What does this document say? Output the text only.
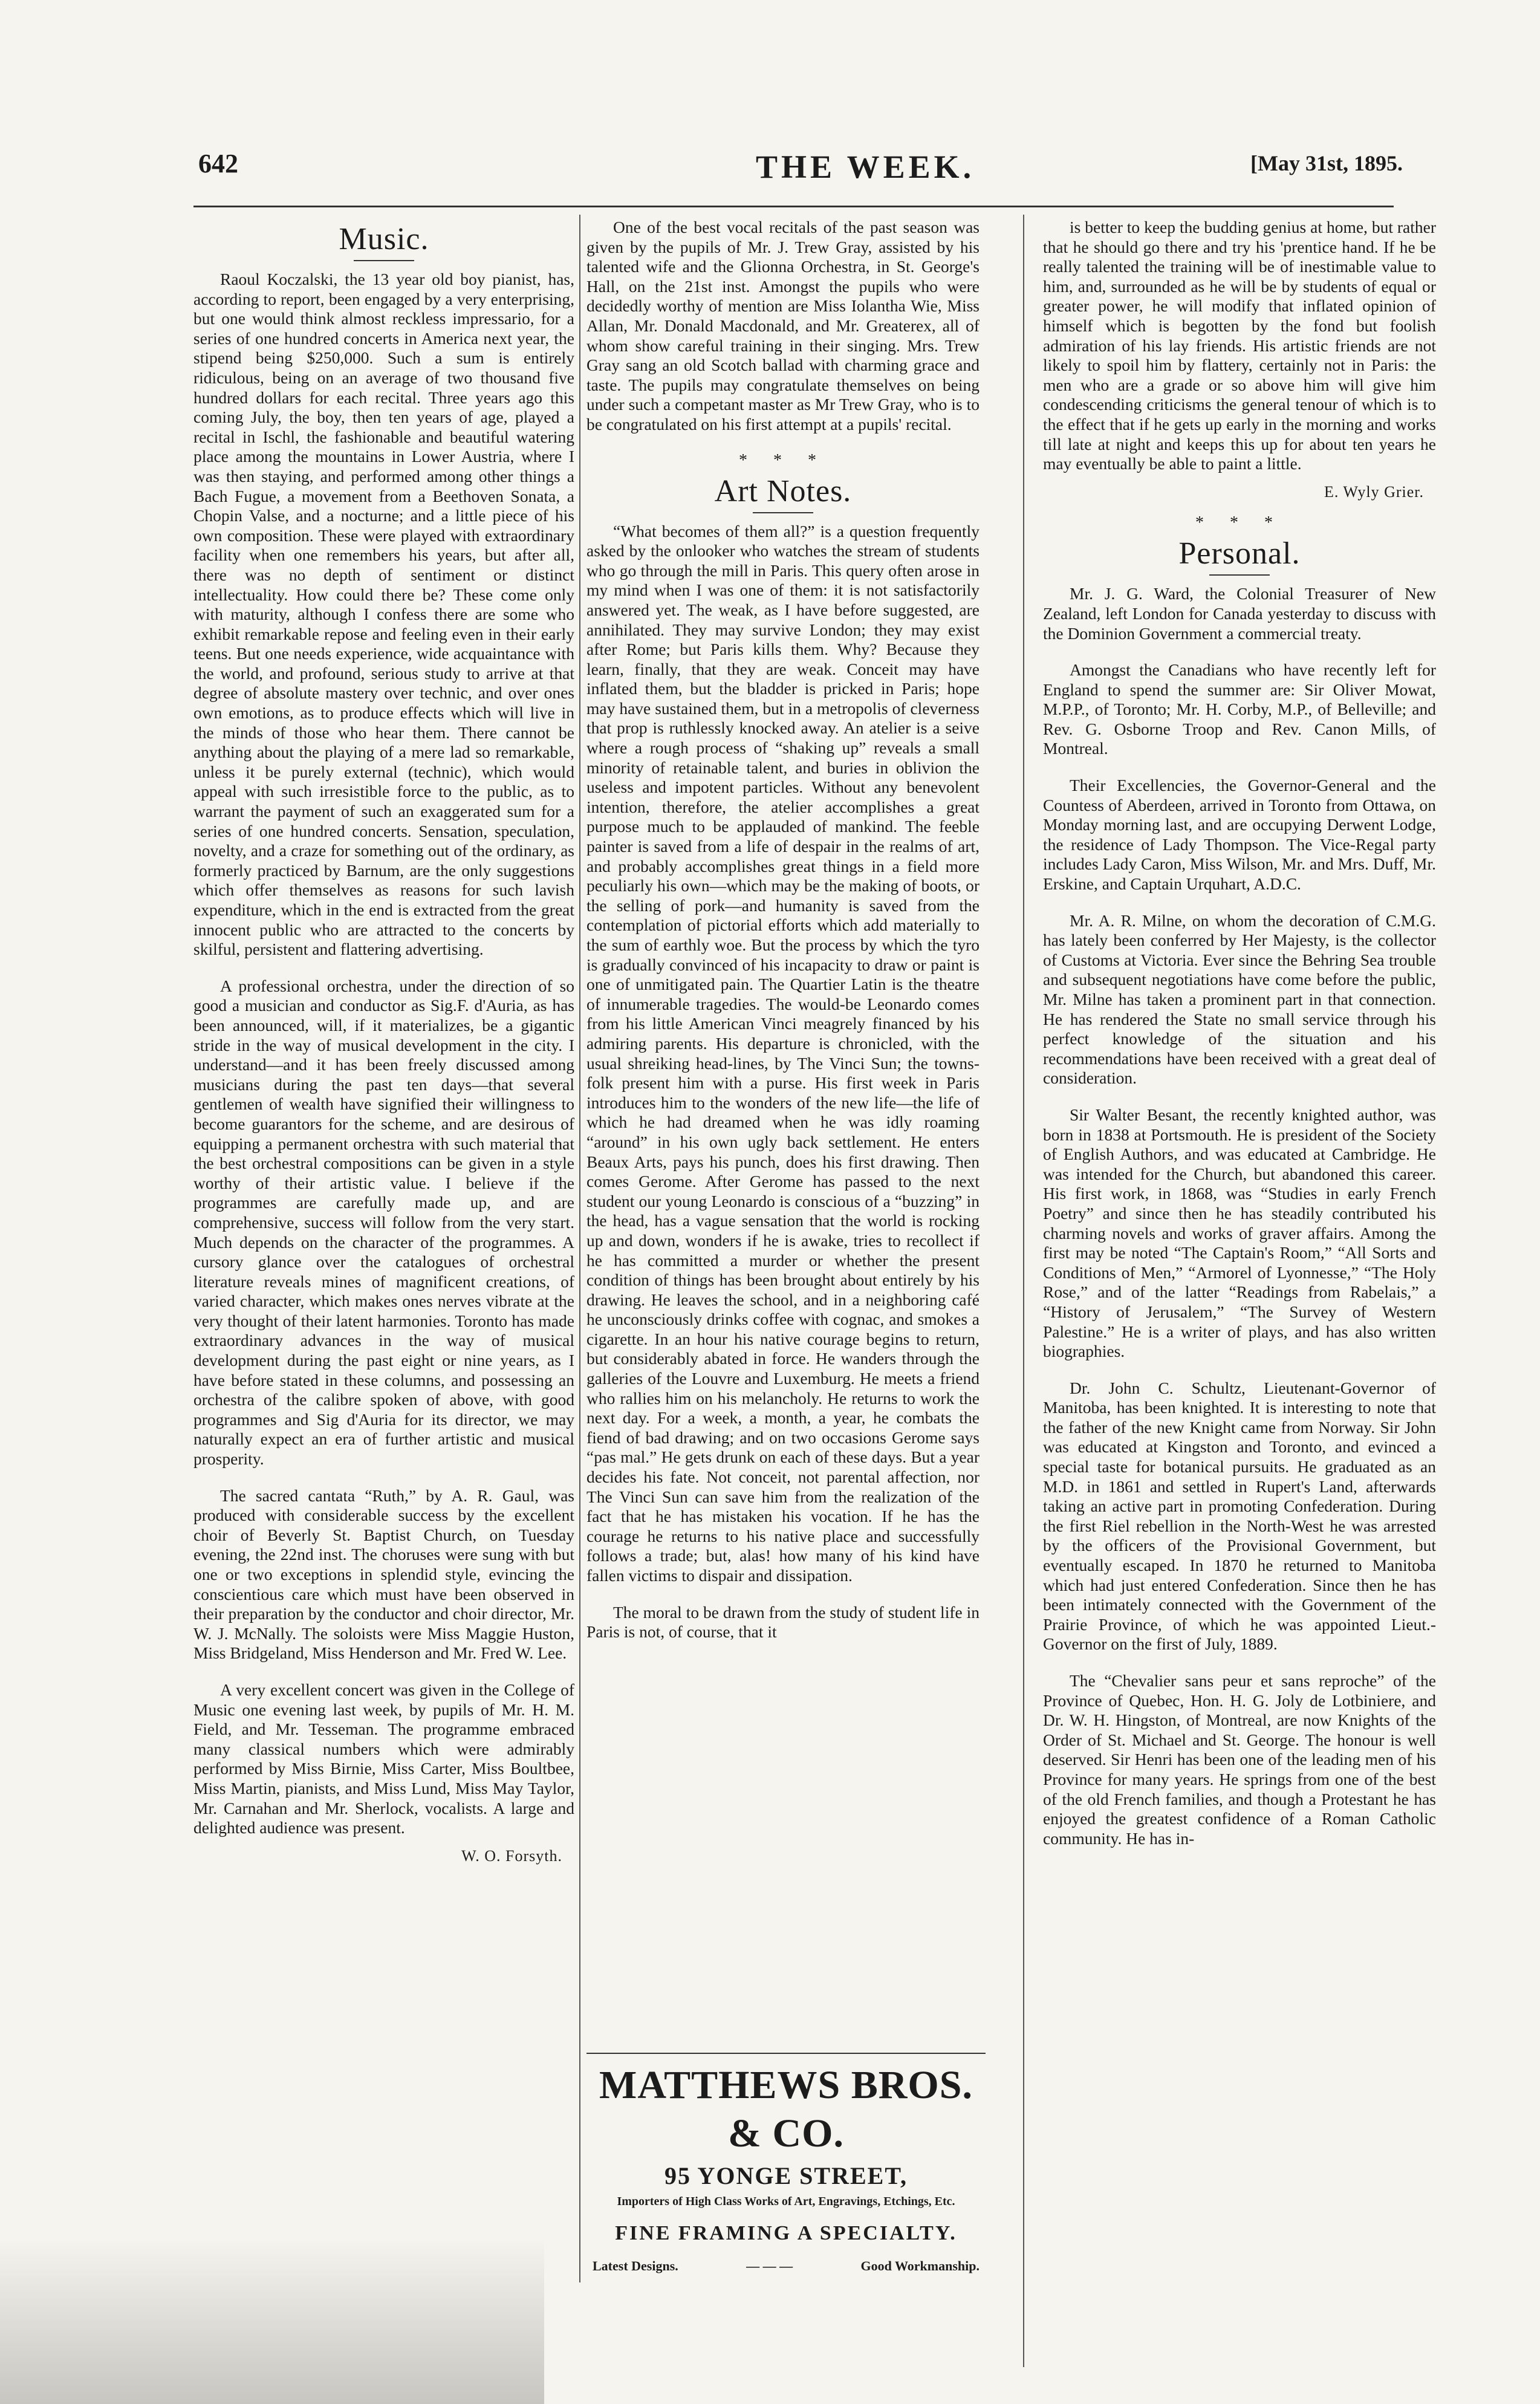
642	THE WEEK.	[May 31st, 1895.
Music.

Raoul Koczalski, the 13 year old boy pianist, has, according to report, been engaged by a very enterprising, but one would think almost reckless impressario, for a series of one hundred concerts in America next year, the stipend being $250,000. Such a sum is entirely ridiculous, being on an average of two thousand five hundred dollars for each recital. Three years ago this coming July, the boy, then ten years of age, played a recital in Ischl, the fashionable and beautiful watering place among the mountains in Lower Austria, where I was then staying, and performed among other things a Bach Fugue, a movement from a Beethoven Sonata, a Chopin Valse, and a nocturne; and a little piece of his own composition. These were played with extraordinary facility when one remembers his years, but after all, there was no depth of sentiment or distinct intellectuality. How could there be? These come only with maturity, although I confess there are some who exhibit remarkable repose and feeling even in their early teens. But one needs experience, wide acquaintance with the world, and profound, serious study to arrive at that degree of absolute mastery over technic, and over ones own emotions, as to produce effects which will live in the minds of those who hear them. There cannot be anything about the playing of a mere lad so remarkable, unless it be purely external (technic), which would appeal with such irresistible force to the public, as to warrant the payment of such an exaggerated sum for a series of one hundred concerts. Sensation, speculation, novelty, and a craze for something out of the ordinary, as formerly practiced by Barnum, are the only suggestions which offer themselves as reasons for such lavish expenditure, which in the end is extracted from the great innocent public who are attracted to the concerts by skilful, persistent and flattering advertising.

A professional orchestra, under the direction of so good a musician and conductor as Sig.F. d'Auria, as has been announced, will, if it materializes, be a gigantic stride in the way of musical development in the city. I understand—and it has been freely discussed among musicians during the past ten days—that several gentlemen of wealth have signified their willingness to become guarantors for the scheme, and are desirous of equipping a permanent orchestra with such material that the best orchestral compositions can be given in a style worthy of their artistic value. I believe if the programmes are carefully made up, and are comprehensive, success will follow from the very start. Much depends on the character of the programmes. A cursory glance over the catalogues of orchestral literature reveals mines of magnificent creations, of varied character, which makes ones nerves vibrate at the very thought of their latent harmonies. Toronto has made extraordinary advances in the way of musical development during the past eight or nine years, as I have before stated in these columns, and possessing an orchestra of the calibre spoken of above, with good programmes and Sig d'Auria for its director, we may naturally expect an era of further artistic and musical prosperity.

The sacred cantata “Ruth,” by A. R. Gaul, was produced with considerable success by the excellent choir of Beverly St. Baptist Church, on Tuesday evening, the 22nd inst. The choruses were sung with but one or two exceptions in splendid style, evincing the conscientious care which must have been observed in their preparation by the conductor and choir director, Mr. W. J. McNally. The soloists were Miss Maggie Huston, Miss Bridgeland, Miss Henderson and Mr. Fred W. Lee.

A very excellent concert was given in the College of Music one evening last week, by pupils of Mr. H. M. Field, and Mr. Tesseman. The programme embraced many classical numbers which were admirably performed by Miss Birnie, Miss Carter, Miss Boultbee, Miss Martin, pianists, and Miss Lund, Miss May Taylor, Mr. Carnahan and Mr. Sherlock, vocalists. A large and delighted audience was present.

W. O. Forsyth.

One of the best vocal recitals of the past season was given by the pupils of Mr. J. Trew Gray, assisted by his talented wife and the Glionna Orchestra, in St. George's Hall, on the 21st inst. Amongst the pupils who were decidedly worthy of mention are Miss Iolantha Wie, Miss Allan, Mr. Donald Macdonald, and Mr. Greaterex, all of whom show careful training in their singing. Mrs. Trew Gray sang an old Scotch ballad with charming grace and taste. The pupils may congratulate themselves on being under such a competant master as Mr Trew Gray, who is to be congratulated on his first attempt at a pupils' recital.

* * *
Art Notes.

“What becomes of them all?” is a question frequently asked by the onlooker who watches the stream of students who go through the mill in Paris. This query often arose in my mind when I was one of them: it is not satisfactorily answered yet. The weak, as I have before suggested, are annihilated. They may survive London; they may exist after Rome; but Paris kills them. Why? Because they learn, finally, that they are weak. Conceit may have inflated them, but the bladder is pricked in Paris; hope may have sustained them, but in a metropolis of cleverness that prop is ruthlessly knocked away. An atelier is a seive where a rough process of “shaking up” reveals a small minority of retainable talent, and buries in oblivion the useless and impotent particles. Without any benevolent intention, therefore, the atelier accomplishes a great purpose much to be applauded of mankind. The feeble painter is saved from a life of despair in the realms of art, and probably accomplishes great things in a field more peculiarly his own—which may be the making of boots, or the selling of pork—and humanity is saved from the contemplation of pictorial efforts which add materially to the sum of earthly woe. But the process by which the tyro is gradually convinced of his incapacity to draw or paint is one of unmitigated pain. The Quartier Latin is the theatre of innumerable tragedies. The would-be Leonardo comes from his little American Vinci meagrely financed by his admiring parents. His departure is chronicled, with the usual shreiking head-lines, by The Vinci Sun; the towns-folk present him with a purse. His first week in Paris introduces him to the wonders of the new life—the life of which he had dreamed when he was idly roaming “around” in his own ugly back settlement. He enters Beaux Arts, pays his punch, does his first drawing. Then comes Gerome. After Gerome has passed to the next student our young Leonardo is conscious of a “buzzing” in the head, has a vague sensation that the world is rocking up and down, wonders if he is awake, tries to recollect if he has committed a murder or whether the present condition of things has been brought about entirely by his drawing. He leaves the school, and in a neighboring café he unconsciously drinks coffee with cognac, and smokes a cigarette. In an hour his native courage begins to return, but considerably abated in force. He wanders through the galleries of the Louvre and Luxemburg. He meets a friend who rallies him on his melancholy. He returns to work the next day. For a week, a month, a year, he combats the fiend of bad drawing; and on two occasions Gerome says “pas mal.” He gets drunk on each of these days. But a year decides his fate. Not conceit, not parental affection, nor The Vinci Sun can save him from the realization of the fact that he has mistaken his vocation. If he has the courage he returns to his native place and successfully follows a trade; but, alas! how many of his kind have fallen victims to dispair and dissipation.

The moral to be drawn from the study of student life in Paris is not, of course, that it

MATTHEWS BROS. & CO.
95 YONGE STREET,
Importers of High Class Works of Art, Engravings, Etchings, Etc.
FINE FRAMING A SPECIALTY.
Latest Designs.	— — —	Good Workmanship.

is better to keep the budding genius at home, but rather that he should go there and try his 'prentice hand. If he be really talented the training will be of inestimable value to him, and, surrounded as he will be by students of equal or greater power, he will modify that inflated opinion of himself which is begotten by the fond but foolish admiration of his lay friends. His artistic friends are not likely to spoil him by flattery, certainly not in Paris: the men who are a grade or so above him will give him condescending criticisms the general tenour of which is to the effect that if he gets up early in the morning and works till late at night and keeps this up for about ten years he may eventually be able to paint a little.

E. Wyly Grier.
* * *
Personal.

Mr. J. G. Ward, the Colonial Treasurer of New Zealand, left London for Canada yesterday to discuss with the Dominion Government a commercial treaty.

Amongst the Canadians who have recently left for England to spend the summer are: Sir Oliver Mowat, M.P.P., of Toronto; Mr. H. Corby, M.P., of Belleville; and Rev. G. Osborne Troop and Rev. Canon Mills, of Montreal.

Their Excellencies, the Governor-General and the Countess of Aberdeen, arrived in Toronto from Ottawa, on Monday morning last, and are occupying Derwent Lodge, the residence of Lady Thompson. The Vice-Regal party includes Lady Caron, Miss Wilson, Mr. and Mrs. Duff, Mr. Erskine, and Captain Urquhart, A.D.C.

Mr. A. R. Milne, on whom the decoration of C.M.G. has lately been conferred by Her Majesty, is the collector of Customs at Victoria. Ever since the Behring Sea trouble and subsequent negotiations have come before the public, Mr. Milne has taken a prominent part in that connection. He has rendered the State no small service through his perfect knowledge of the situation and his recommendations have been received with a great deal of consideration.

Sir Walter Besant, the recently knighted author, was born in 1838 at Portsmouth. He is president of the Society of English Authors, and was educated at Cambridge. He was intended for the Church, but abandoned this career. His first work, in 1868, was “Studies in early French Poetry” and since then he has steadily contributed his charming novels and works of graver affairs. Among the first may be noted “The Captain's Room,” “All Sorts and Conditions of Men,” “Armorel of Lyonnesse,” “The Holy Rose,” and of the latter “Readings from Rabelais,” a “History of Jerusalem,” “The Survey of Western Palestine.” He is a writer of plays, and has also written biographies.

Dr. John C. Schultz, Lieutenant-Governor of Manitoba, has been knighted. It is interesting to note that the father of the new Knight came from Norway. Sir John was educated at Kingston and Toronto, and evinced a special taste for botanical pursuits. He graduated as an M.D. in 1861 and settled in Rupert's Land, afterwards taking an active part in promoting Confederation. During the first Riel rebellion in the North-West he was arrested by the officers of the Provisional Government, but eventually escaped. In 1870 he returned to Manitoba which had just entered Confederation. Since then he has been intimately connected with the Government of the Prairie Province, of which he was appointed Lieut.-Governor on the first of July, 1889.

The “Chevalier sans peur et sans reproche” of the Province of Quebec, Hon. H. G. Joly de Lotbiniere, and Dr. W. H. Hingston, of Montreal, are now Knights of the Order of St. Michael and St. George. The honour is well deserved. Sir Henri has been one of the leading men of his Province for many years. He springs from one of the best of the old French families, and though a Protestant he has enjoyed the greatest confidence of a Roman Catholic community. He has in-
